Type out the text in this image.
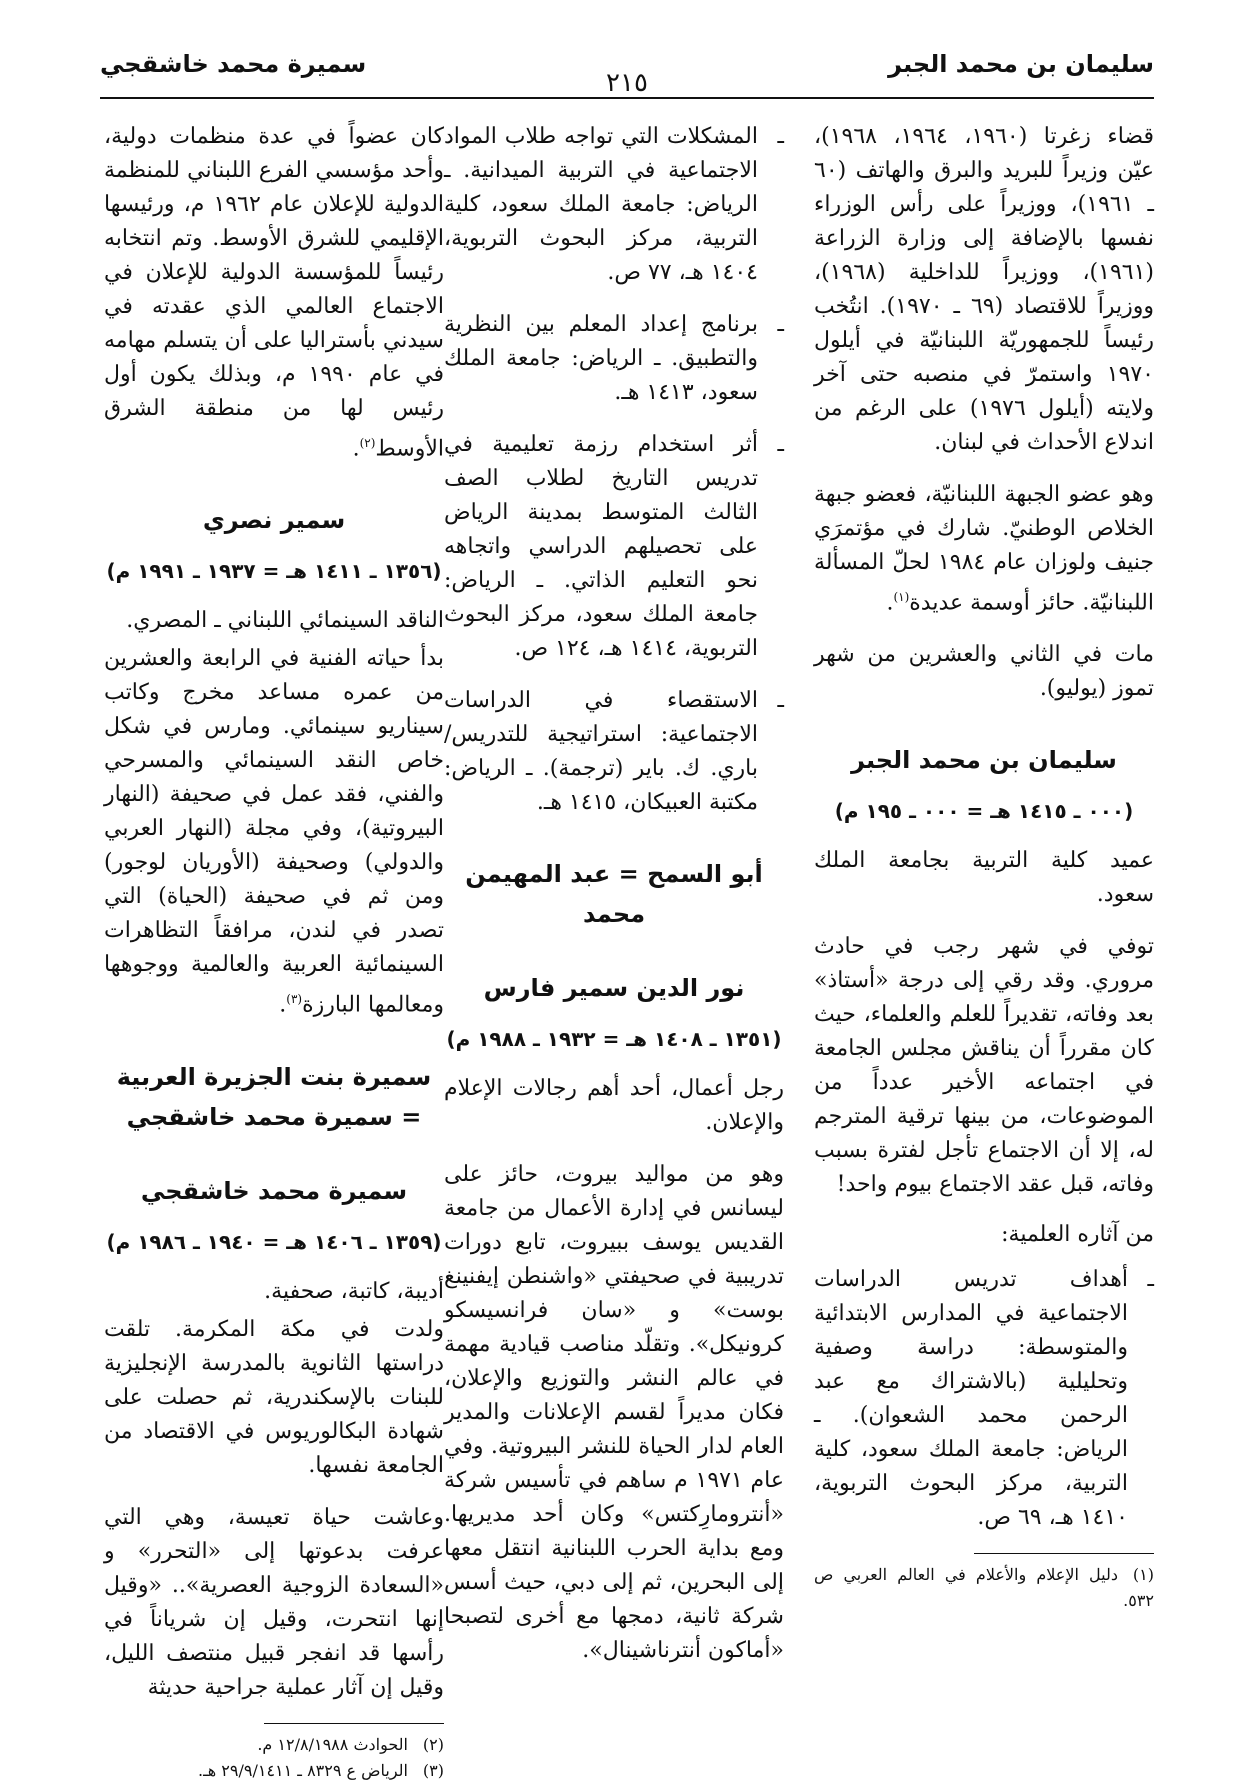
سليمان بن محمد الجبر
٢١٥
سميرة محمد خاشقجي

قضاء زغرتا (١٩٦٠، ١٩٦٤، ١٩٦٨)، عيّن وزيراً للبريد والبرق والهاتف (٦٠ ـ ١٩٦١)، ووزيراً على رأس الوزراء نفسها بالإضافة إلى وزارة الزراعة (١٩٦١)، ووزيراً للداخلية (١٩٦٨)، ووزيراً للاقتصاد (٦٩ ـ ١٩٧٠). انتُخب رئيساً للجمهوريّة اللبنانيّة في أيلول ١٩٧٠ واستمرّ في منصبه حتى آخر ولايته (أيلول ١٩٧٦) على الرغم من اندلاع الأحداث في لبنان.

وهو عضو الجبهة اللبنانيّة، فعضو جبهة الخلاص الوطنيّ. شارك في مؤتمرَي جنيف ولوزان عام ١٩٨٤ لحلّ المسألة اللبنانيّة. حائز أوسمة عديدة$^{(١)}$.

مات في الثاني والعشرين من شهر تموز (يوليو).

سليمان بن محمد الجبر
(٠٠٠ ـ ١٤١٥ هـ = ٠٠٠ ـ ١٩٥ م)

عميد كلية التربية بجامعة الملك سعود.

توفي في شهر رجب في حادث مروري. وقد رقي إلى درجة «أستاذ» بعد وفاته، تقديراً للعلم والعلماء، حيث كان مقرراً أن يناقش مجلس الجامعة في اجتماعه الأخير عدداً من الموضوعات، من بينها ترقية المترجم له، إلا أن الاجتماع تأجل لفترة بسبب وفاته، قبل عقد الاجتماع بيوم واحد!

من آثاره العلمية:
ـ
أهداف تدريس الدراسات الاجتماعية في المدارس الابتدائية والمتوسطة: دراسة وصفية وتحليلية (بالاشتراك مع عبد الرحمن محمد الشعوان). ـ الرياض: جامعة الملك سعود، كلية التربية، مركز البحوث التربوية، ١٤١٠ هـ، ٦٩ ص.

(١)دليل الإعلام والأعلام في العالم العربي ص ٥٣٢.

ـ
المشكلات التي تواجه طلاب المواد الاجتماعية في التربية الميدانية. ـ الرياض: جامعة الملك سعود، كلية التربية، مركز البحوث التربوية، ١٤٠٤ هـ، ٧٧ ص.
ـ
برنامج إعداد المعلم بين النظرية والتطبيق. ـ الرياض: جامعة الملك سعود، ١٤١٣ هـ.
ـ
أثر استخدام رزمة تعليمية في تدريس التاريخ لطلاب الصف الثالث المتوسط بمدينة الرياض على تحصيلهم الدراسي واتجاهه نحو التعليم الذاتي. ـ الرياض: جامعة الملك سعود، مركز البحوث التربوية، ١٤١٤ هـ، ١٢٤ ص.
ـ
الاستقصاء في الدراسات الاجتماعية: استراتيجية للتدريس/ باري. ك. باير (ترجمة). ـ الرياض: مكتبة العبيكان، ١٤١٥ هـ.
أبو السمح = عبد المهيمن محمد
نور الدين سمير فارس
(١٣٥١ ـ ١٤٠٨ هـ = ١٩٣٢ ـ ١٩٨٨ م)

رجل أعمال، أحد أهم رجالات الإعلام والإعلان.

وهو من مواليد بيروت، حائز على ليسانس في إدارة الأعمال من جامعة القديس يوسف ببيروت، تابع دورات تدريبية في صحيفتي «واشنطن إيفنينغ بوست» و «سان فرانسيسكو كرونيكل». وتقلّد مناصب قيادية مهمة في عالم النشر والتوزيع والإعلان، فكان مديراً لقسم الإعلانات والمدير العام لدار الحياة للنشر البيروتية. وفي عام ١٩٧١ م ساهم في تأسيس شركة «أنترومارِكتس» وكان أحد مديريها. ومع بداية الحرب اللبنانية انتقل معها إلى البحرين، ثم إلى دبي، حيث أسس شركة ثانية، دمجها مع أخرى لتصبحا «أماكون أنترناشينال».

كان عضواً في عدة منظمات دولية، وأحد مؤسسي الفرع اللبناني للمنظمة الدولية للإعلان عام ١٩٦٢ م، ورئيسها الإقليمي للشرق الأوسط. وتم انتخابه رئيساً للمؤسسة الدولية للإعلان في الاجتماع العالمي الذي عقدته في سيدني بأستراليا على أن يتسلم مهامه في عام ١٩٩٠ م، وبذلك يكون أول رئيس لها من منطقة الشرق الأوسط$^{(٢)}$.

سمير نصري
(١٣٥٦ ـ ١٤١١ هـ = ١٩٣٧ ـ ١٩٩١ م)

الناقد السينمائي اللبناني ـ المصري.

بدأ حياته الفنية في الرابعة والعشرين من عمره مساعد مخرج وكاتب سيناريو سينمائي. ومارس في شكل خاص النقد السينمائي والمسرحي والفني، فقد عمل في صحيفة (النهار البيروتية)، وفي مجلة (النهار العربي والدولي) وصحيفة (الأوريان لوجور) ومن ثم في صحيفة (الحياة) التي تصدر في لندن، مرافقاً التظاهرات السينمائية العربية والعالمية ووجوهها ومعالمها البارزة$^{(٣)}$.

سميرة بنت الجزيرة العربية = سميرة محمد خاشقجي
سميرة محمد خاشقجي
(١٣٥٩ ـ ١٤٠٦ هـ = ١٩٤٠ ـ ١٩٨٦ م)

أديبة، كاتبة، صحفية.

ولدت في مكة المكرمة. تلقت دراستها الثانوية بالمدرسة الإنجليزية للبنات بالإسكندرية، ثم حصلت على شهادة البكالوريوس في الاقتصاد من الجامعة نفسها.

وعاشت حياة تعيسة، وهي التي عرفت بدعوتها إلى «التحرر» و «السعادة الزوجية العصرية».. «وقيل إنها انتحرت، وقيل إن شرياناً في رأسها قد انفجر قبيل منتصف الليل، وقيل إن آثار عملية جراحية حديثة

(٢)الحوادث ١٢/٨/١٩٨٨ م.

(٣)الرياض ع ٨٣٢٩ ـ ٢٩/٩/١٤١١ هـ.
